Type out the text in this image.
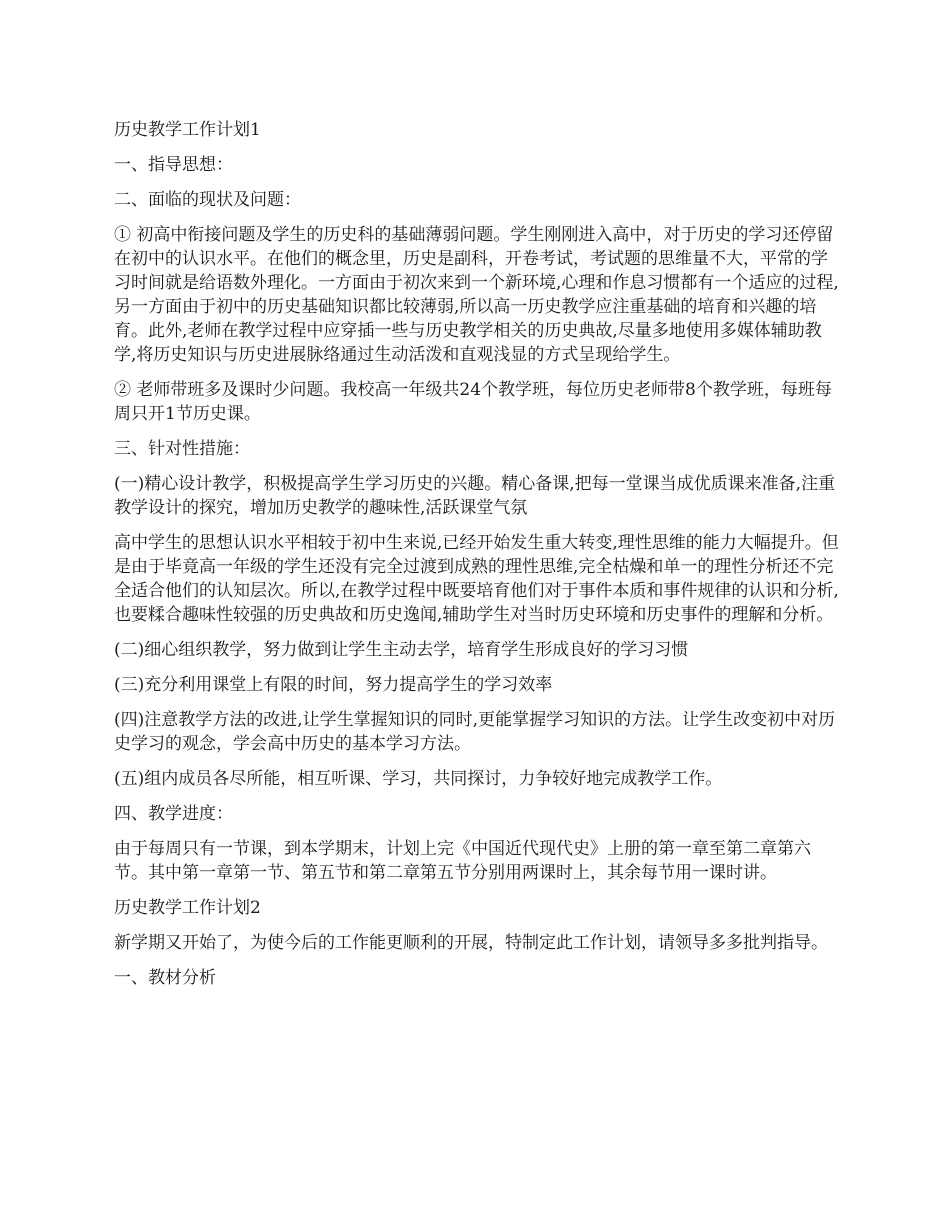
历史教学工作计划1

一、指导思想：

二、面临的现状及问题：

① 初高中衔接问题及学生的历史科的基础薄弱问题。学生刚刚进入高中，对于历史的学习还停留在初中的认识水平。在他们的概念里，历史是副科，开卷考试，考试题的思维量不大，平常的学习时间就是给语数外理化。一方面由于初次来到一个新环境,心理和作息习惯都有一个适应的过程,另一方面由于初中的历史基础知识都比较薄弱,所以高一历史教学应注重基础的培育和兴趣的培育。此外,老师在教学过程中应穿插一些与历史教学相关的历史典故,尽量多地使用多媒体辅助教学,将历史知识与历史进展脉络通过生动活泼和直观浅显的方式呈现给学生。

② 老师带班多及课时少问题。我校高一年级共24个教学班，每位历史老师带8个教学班，每班每周只开1节历史课。

三、针对性措施：

(一)精心设计教学，积极提高学生学习历史的兴趣。精心备课,把每一堂课当成优质课来准备,注重教学设计的探究，增加历史教学的趣味性,活跃课堂气氛

高中学生的思想认识水平相较于初中生来说,已经开始发生重大转变,理性思维的能力大幅提升。但是由于毕竟高一年级的学生还没有完全过渡到成熟的理性思维,完全枯燥和单一的理性分析还不完全适合他们的认知层次。所以,在教学过程中既要培育他们对于事件本质和事件规律的认识和分析,也要糅合趣味性较强的历史典故和历史逸闻,辅助学生对当时历史环境和历史事件的理解和分析。

(二)细心组织教学，努力做到让学生主动去学，培育学生形成良好的学习习惯

(三)充分利用课堂上有限的时间，努力提高学生的学习效率

(四)注意教学方法的改进,让学生掌握知识的同时,更能掌握学习知识的方法。让学生改变初中对历史学习的观念，学会高中历史的基本学习方法。

(五)组内成员各尽所能，相互听课、学习，共同探讨，力争较好地完成教学工作。

四、教学进度：

由于每周只有一节课，到本学期末，计划上完《中国近代现代史》上册的第一章至第二章第六节。其中第一章第一节、第五节和第二章第五节分别用两课时上，其余每节用一课时讲。

历史教学工作计划2

新学期又开始了，为使今后的工作能更顺利的开展，特制定此工作计划，请领导多多批判指导。

一、教材分析
